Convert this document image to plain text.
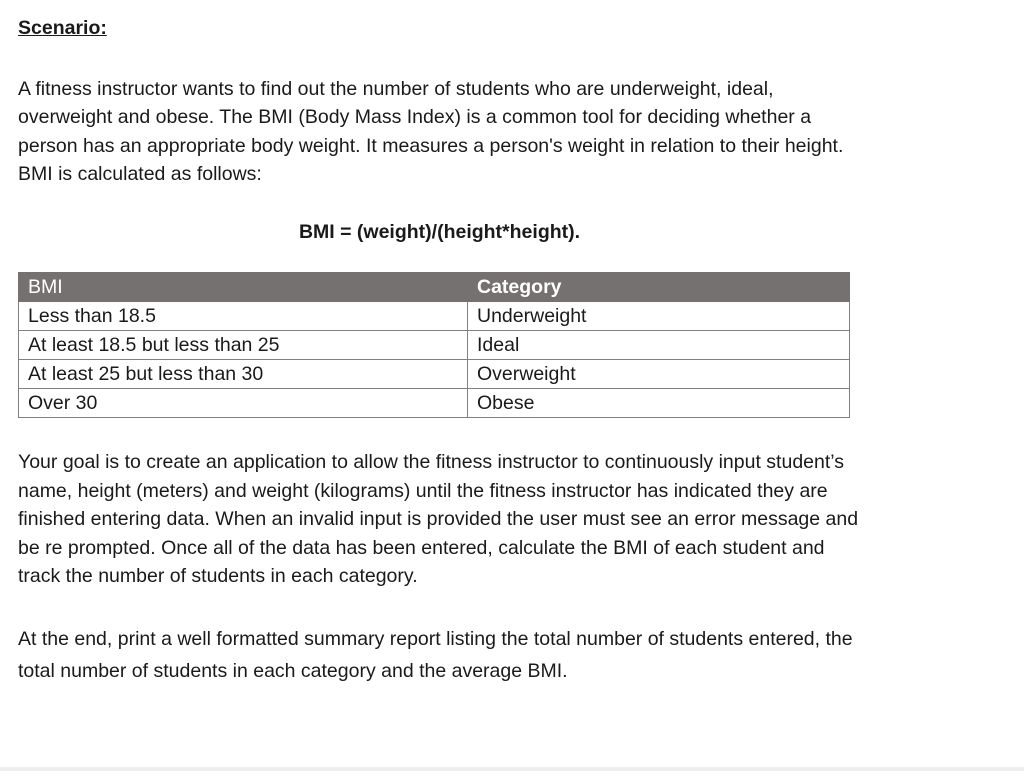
Scenario:

A fitness instructor wants to find out the number of students who are underweight, ideal, overweight and obese. The BMI (Body Mass Index) is a common tool for deciding whether a person has an appropriate body weight. It measures a person's weight in relation to their height. BMI is calculated as follows:

BMI = (weight)/(height*height).

BMI	Category
Less than 18.5	Underweight
At least 18.5 but less than 25	Ideal
At least 25 but less than 30	Overweight
Over 30	Obese

Your goal is to create an application to allow the fitness instructor to continuously input student’s name, height (meters) and weight (kilograms) until the fitness instructor has indicated they are finished entering data. When an invalid input is provided the user must see an error message and be re prompted. Once all of the data has been entered, calculate the BMI of each student and track the number of students in each category.

At the end, print a well formatted summary report listing the total number of students entered, the total number of students in each category and the average BMI.
